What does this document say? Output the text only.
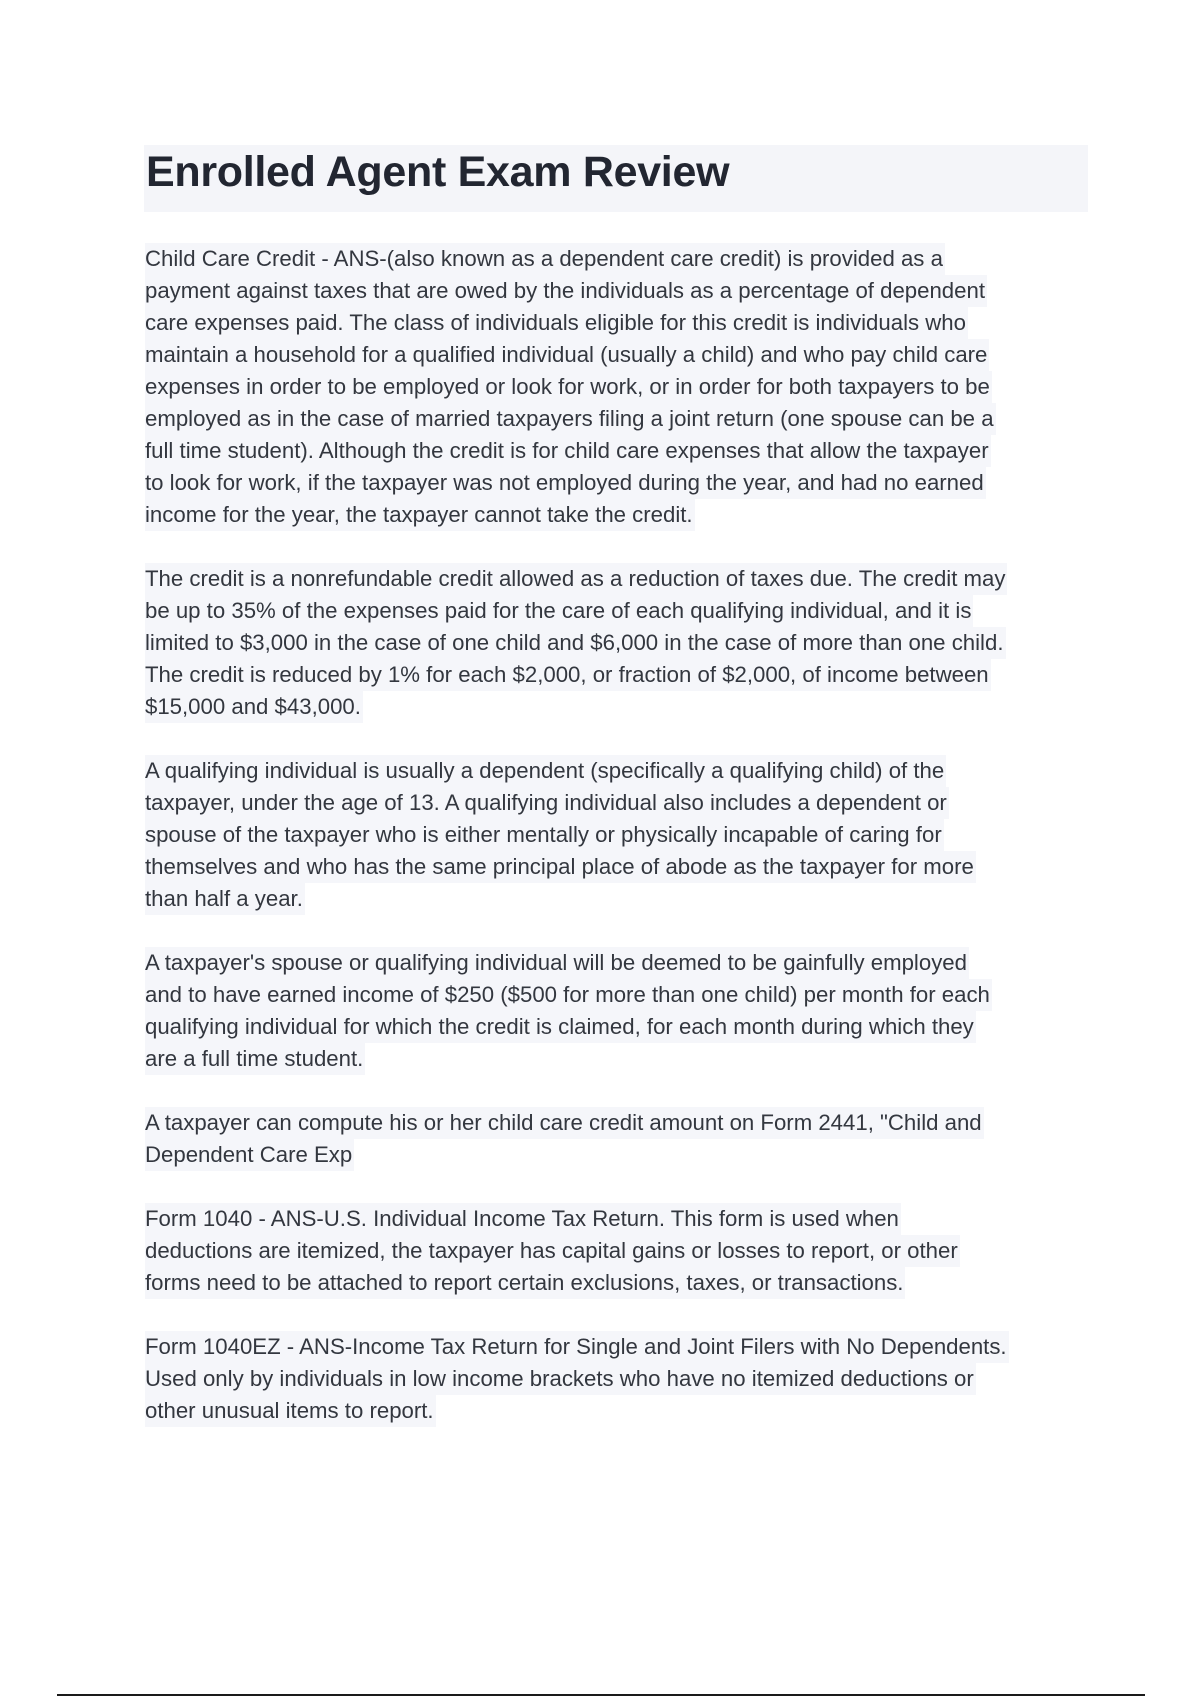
Enrolled Agent Exam Review

Child Care Credit - ANS-(also known as a dependent care credit) is provided as a
payment against taxes that are owed by the individuals as a percentage of dependent
care expenses paid. The class of individuals eligible for this credit is individuals who
maintain a household for a qualified individual (usually a child) and who pay child care
expenses in order to be employed or look for work, or in order for both taxpayers to be
employed as in the case of married taxpayers filing a joint return (one spouse can be a
full time student). Although the credit is for child care expenses that allow the taxpayer
to look for work, if the taxpayer was not employed during the year, and had no earned
income for the year, the taxpayer cannot take the credit.

The credit is a nonrefundable credit allowed as a reduction of taxes due. The credit may
be up to 35% of the expenses paid for the care of each qualifying individual, and it is
limited to $3,000 in the case of one child and $6,000 in the case of more than one child.
The credit is reduced by 1% for each $2,000, or fraction of $2,000, of income between
$15,000 and $43,000.

A qualifying individual is usually a dependent (specifically a qualifying child) of the
taxpayer, under the age of 13. A qualifying individual also includes a dependent or
spouse of the taxpayer who is either mentally or physically incapable of caring for
themselves and who has the same principal place of abode as the taxpayer for more
than half a year.

A taxpayer's spouse or qualifying individual will be deemed to be gainfully employed
and to have earned income of $250 ($500 for more than one child) per month for each
qualifying individual for which the credit is claimed, for each month during which they
are a full time student.

A taxpayer can compute his or her child care credit amount on Form 2441, "Child and
Dependent Care Exp

Form 1040 - ANS-U.S. Individual Income Tax Return. This form is used when
deductions are itemized, the taxpayer has capital gains or losses to report, or other
forms need to be attached to report certain exclusions, taxes, or transactions.

Form 1040EZ - ANS-Income Tax Return for Single and Joint Filers with No Dependents.
Used only by individuals in low income brackets who have no itemized deductions or
other unusual items to report.
